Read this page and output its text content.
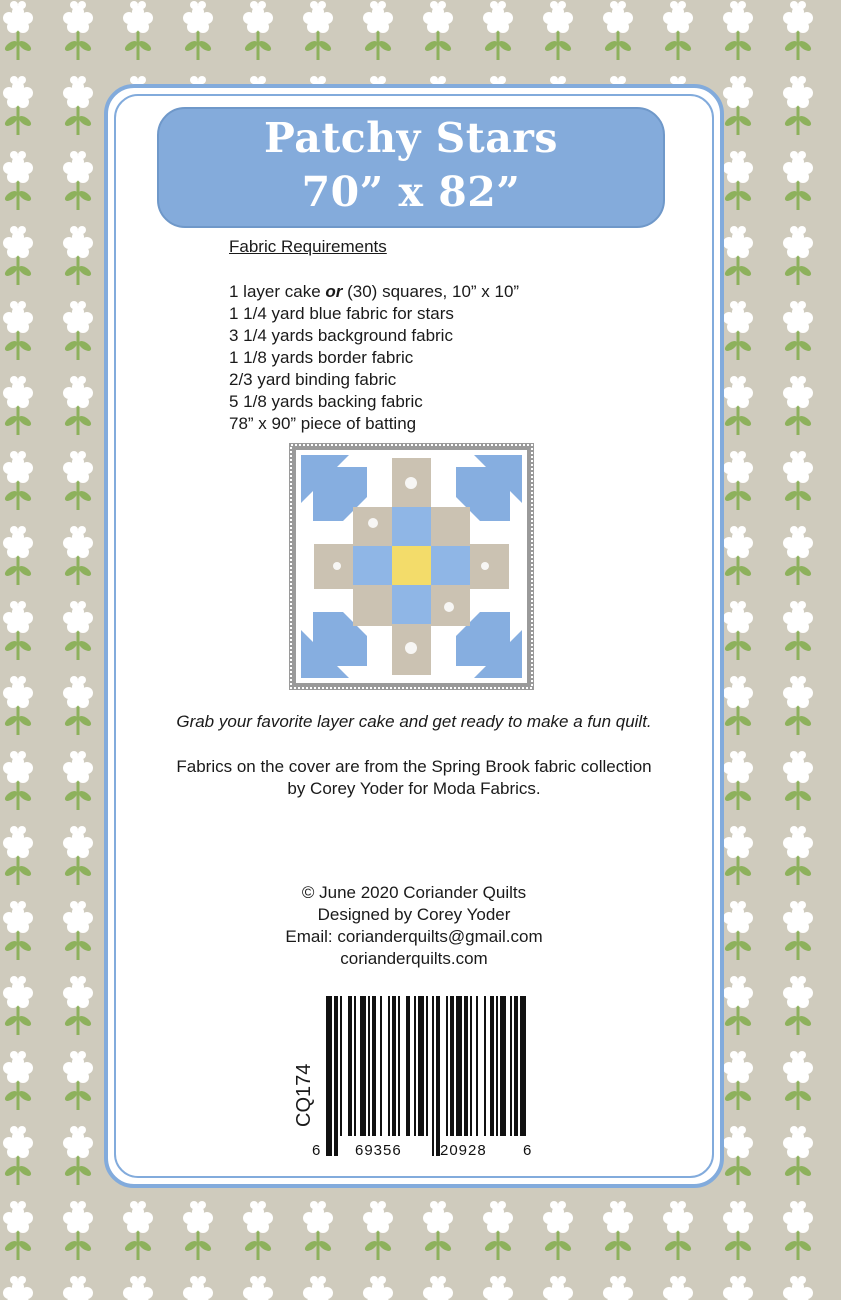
Patchy Stars
70” x 82”
Fabric Requirements
1 layer cake or (30) squares, 10” x 10”
1 1/4 yard blue fabric for stars
3 1/4 yards background fabric
1 1/8 yards border fabric
2/3 yard binding fabric
5 1/8 yards backing fabric
78” x 90” piece of batting
Grab your favorite layer cake and get ready to make a fun quilt.
Fabrics on the cover are from the Spring Brook fabric collection
by Corey Yoder for Moda Fabrics.
© June 2020 Coriander Quilts
Designed by Corey Yoder
Email: corianderquilts@gmail.com
corianderquilts.com
CQ174
6 69356	20928 6
